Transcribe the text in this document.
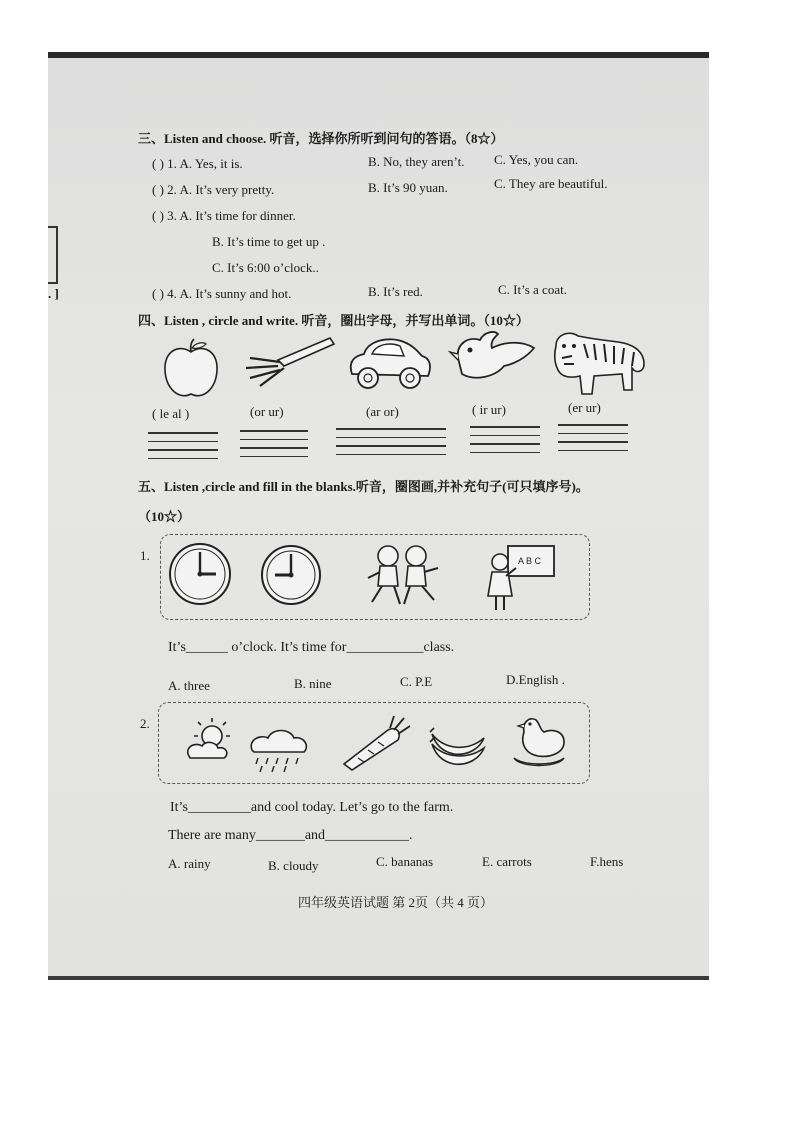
. ]
三、Listen and choose. 听音，选择你所听到问句的答语。（8☆）
( ) 1. A. Yes, it is.	B. No, they aren’t. C. Yes, you can.
( ) 2. A. It’s very pretty.	B. It’s 90 yuan.	C. They are beautiful.
( ) 3. A. It’s time for dinner.
B. It’s time to get up .
C. It’s 6:00 o’clock..
( ) 4. A. It’s sunny and hot.	B. It’s red.	C. It’s a coat.
四、Listen , circle and write. 听音，圈出字母，并写出单词。（10☆）
( le al )	(or ur)	(ar or)	( ir ur)	(er ur)
五、Listen ,circle and fill in the blanks.听音，圈图画,并补充句子(可只填序号)。
（10☆）
1.	A B C
It’s______ o’clock. It’s time for___________class.
A. three	B. nine	C. P.E	D.English .
2.
It’s_________and cool today. Let’s go to the farm.
There are many_______and____________.
A. rainy	B. cloudy	C. bananas	E. carrots	F.hens
四年级英语试题 第 2页（共 4 页）
